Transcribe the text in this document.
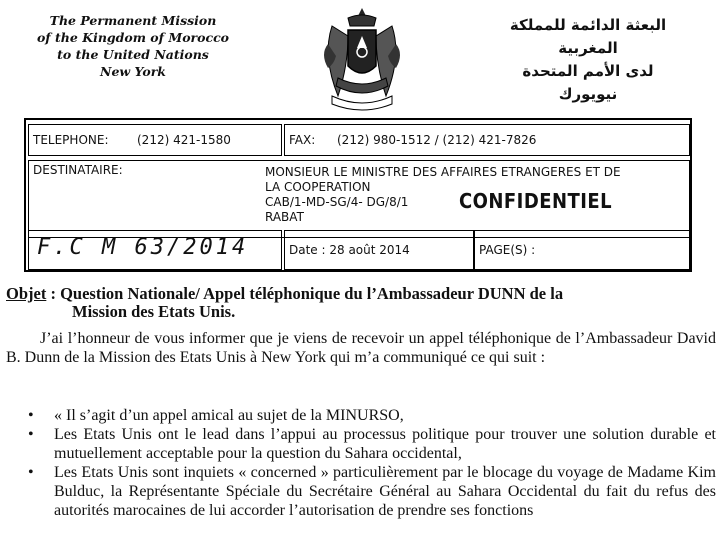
The Permanent Mission
of the Kingdom of Morocco
to the United Nations
New York
البعثة الدائمة للمملكة المغربية
لدى الأمم المتحدة
نيويورك
TELEPHONE: (212) 421-1580	FAX: (212) 980-1512 / (212) 421-7826
DESTINATAIRE:	MONSIEUR LE MINISTRE DES AFFAIRES ETRANGERES ET DE
LA COOPERATION
CAB/1-MD-SG/4- DG/8/1
RABAT
CONFIDENTIEL
F.C M 63/2014	Date : 28 août 2014	PAGE(S) :
Objet : Question Nationale/ Appel téléphonique du l’Ambassadeur DUNN de la
Mission des Etats Unis.
J’ai l’honneur de vous informer que je viens de recevoir un appel téléphonique de l’Ambassadeur David B. Dunn de la Mission des Etats Unis à New York qui m’a communiqué ce qui suit :
• « Il s’agit d’un appel amical au sujet de la MINURSO,
• Les Etats Unis ont le lead dans l’appui au processus politique pour trouver une solution durable et mutuellement acceptable pour la question du Sahara occidental,
• Les Etats Unis sont inquiets « concerned » particulièrement par le blocage du voyage de Madame Kim Bulduc, la Représentante Spéciale du Secrétaire Général au Sahara Occidental du fait du refus des autorités marocaines de lui accorder l’autorisation de prendre ses fonctions
